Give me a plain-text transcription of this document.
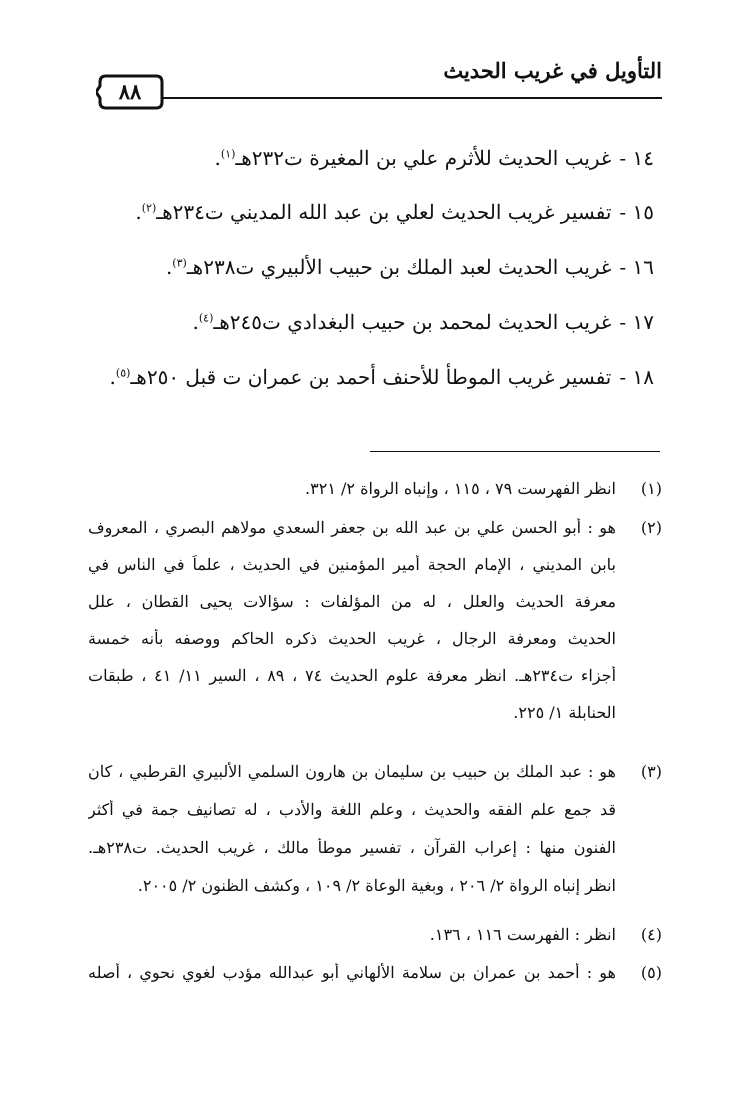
التأويل في غريب الحديث
٨٨
١٤ -غريب الحديث للأثرم علي بن المغيرة ت٢٣٢هـ$^{(١)}$.
١٥ -تفسير غريب الحديث لعلي بن عبد الله المديني ت٢٣٤هـ$^{(٢)}$.
١٦ -غريب الحديث لعبد الملك بن حبيب الألبيري ت٢٣٨هـ$^{(٣)}$.
١٧ -غريب الحديث لمحمد بن حبيب البغدادي ت٢٤٥هـ$^{(٤)}$.
١٨ -تفسير غريب الموطأ للأحنف أحمد بن عمران ت قبل ٢٥٠هـ$^{(٥)}$.
(١)
انظر الفهرست ٧٩ ، ١١٥ ، وإنباه الرواة ٢/ ٣٢١.
(٢)
هو : أبو الحسن علي بن عبد الله بن جعفر السعدي مولاهم البصري ، المعروف
بابن المديني ، الإمام الحجة أمير المؤمنين في الحديث ، علماً في الناس في
معرفة الحديث والعلل ، له من المؤلفات : سؤالات يحيى القطان ، علل
الحديث ومعرفة الرجال ، غريب الحديث ذكره الحاكم ووصفه بأنه خمسة
أجزاء ت٢٣٤هـ. انظر معرفة علوم الحديث ٧٤ ، ٨٩ ، السير ١١/ ٤١ ، طبقات
الحنابلة ١/ ٢٢٥.
(٣)
هو : عبد الملك بن حبيب بن سليمان بن هارون السلمي الألبيري القرطبي ، كان
قد جمع علم الفقه والحديث ، وعلم اللغة والأدب ، له تصانيف جمة في أكثر
الفنون منها : إعراب القرآن ، تفسير موطأ مالك ، غريب الحديث. ت٢٣٨هـ.
انظر إنباه الرواة ٢/ ٢٠٦ ، وبغية الوعاة ٢/ ١٠٩ ، وكشف الظنون ٢/ ٢٠٠٥.
(٤)
انظر : الفهرست ١١٦ ، ١٣٦.
(٥)
هو : أحمد بن عمران بن سلامة الألهاني أبو عبدالله مؤدب لغوي نحوي ، أصله
